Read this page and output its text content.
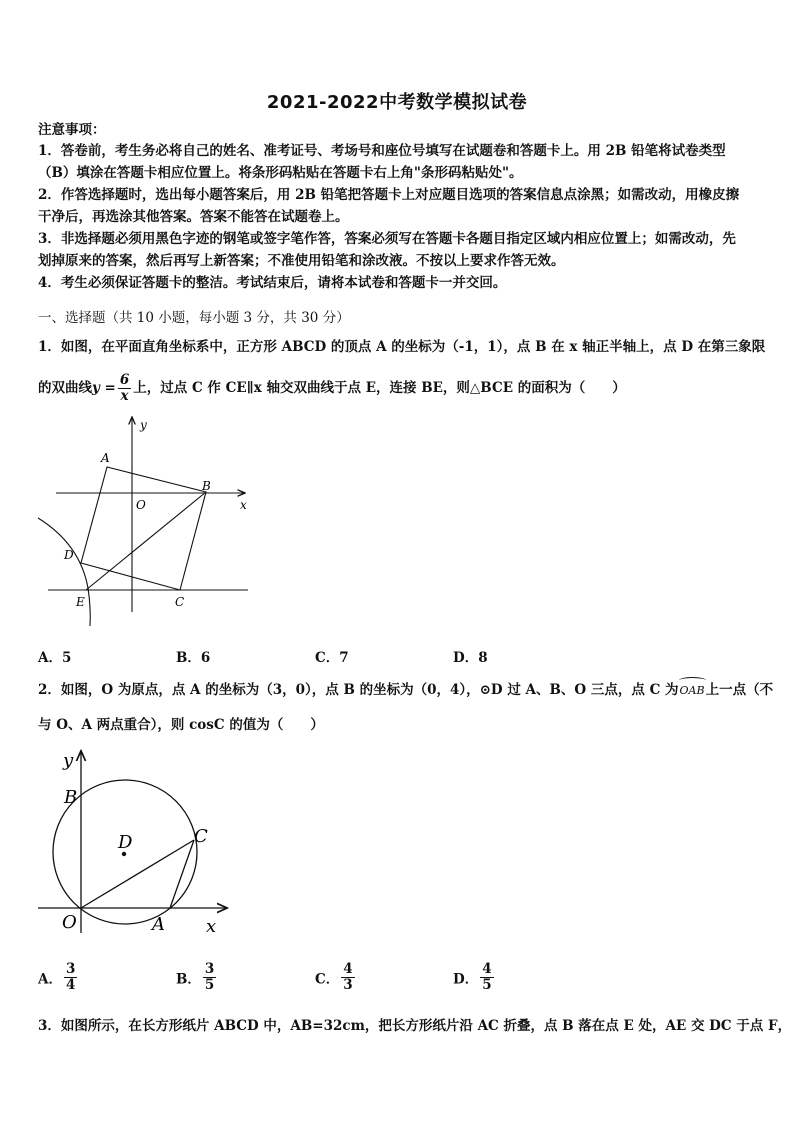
2021-2022中考数学模拟试卷
注意事项：
1．答卷前，考生务必将自己的姓名、准考证号、考场号和座位号填写在试题卷和答题卡上。用 2B 铅笔将试卷类型
（B）填涂在答题卡相应位置上。将条形码粘贴在答题卡右上角"条形码粘贴处"。
2．作答选择题时，选出每小题答案后，用 2B 铅笔把答题卡上对应题目选项的答案信息点涂黑；如需改动，用橡皮擦
干净后，再选涂其他答案。答案不能答在试题卷上。
3．非选择题必须用黑色字迹的钢笔或签字笔作答，答案必须写在答题卡各题目指定区域内相应位置上；如需改动，先
划掉原来的答案，然后再写上新答案；不准使用铅笔和涂改液。不按以上要求作答无效。
4．考生必须保证答题卡的整洁。考试结束后，请将本试卷和答题卡一并交回。
一、选择题（共 10 小题，每小题 3 分，共 30 分）
1．如图，在平面直角坐标系中，正方形 ABCD 的顶点 A 的坐标为（-1，1），点 B 在 x 轴正半轴上，点 D 在第三象限
的双曲线$y = \frac{6}{x}$ 上，过点 C 作 CE∥x 轴交双曲线于点 E，连接 BE，则△BCE 的面积为（　　）
y
x
O
A
B
C
D
E
A．5	B．6	C．7	D．8
2．如图，O 为原点，点 A 的坐标为（3，0），点 B 的坐标为（0，4），⊙D 过 A、B、O 三点，点 C 为
OAB上一点（不
与 O、A 两点重合），则 cosC 的值为（　　）
y
x
O	A
B
C
D
A． $\frac{3}{4}$	B． $\frac{3}{5}$	C． $\frac{4}{3}$	D． $\frac{4}{5}$
3．如图所示，在长方形纸片 ABCD 中，AB=32cm，把长方形纸片沿 AC 折叠，点 B 落在点 E 处，AE 交 DC 于点 F，
